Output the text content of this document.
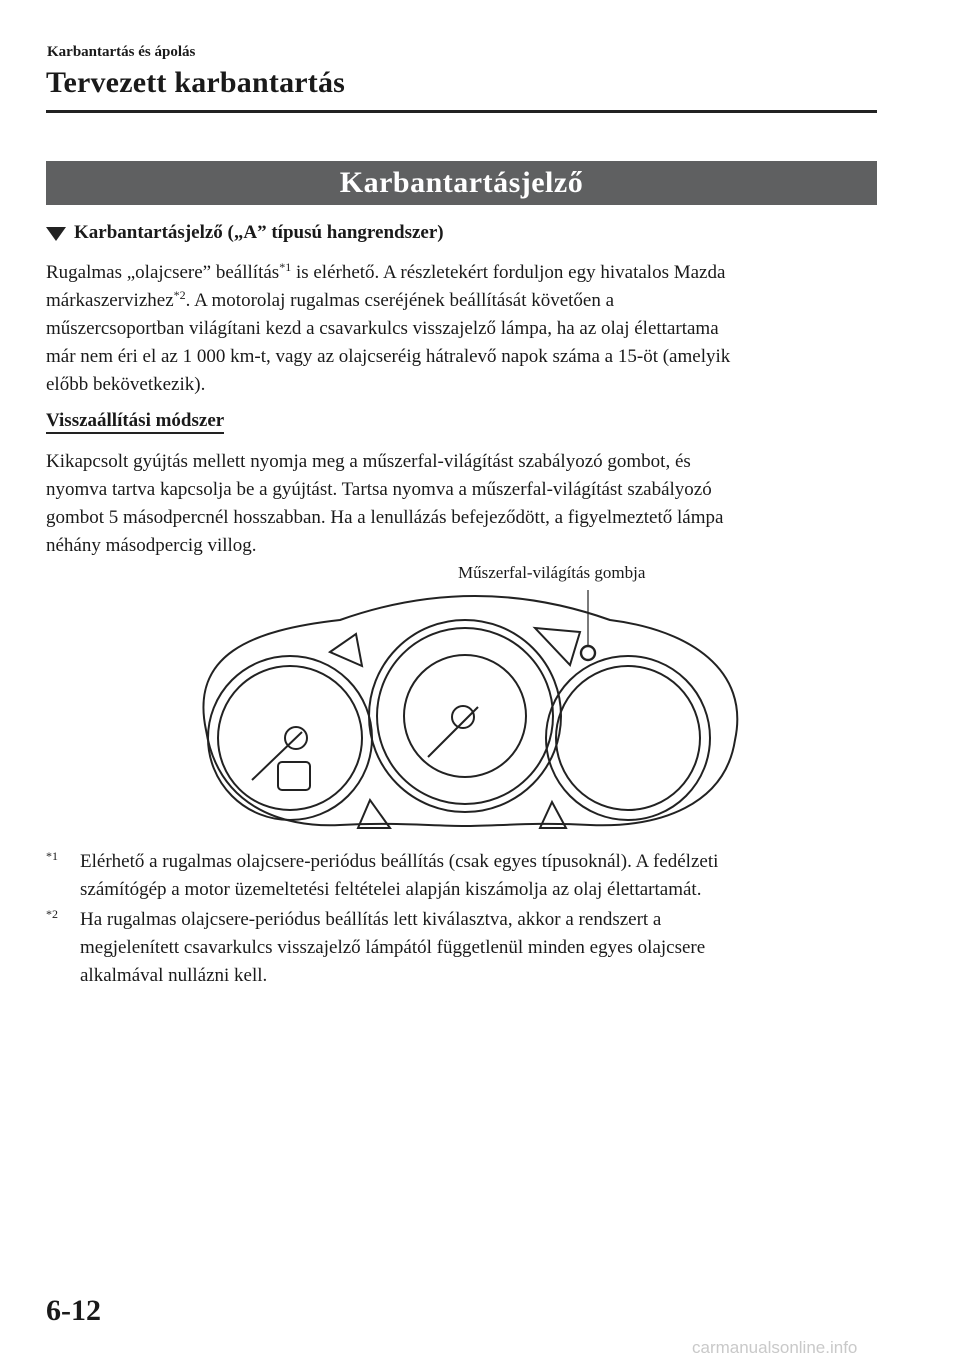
Karbantartás és ápolás
Tervezett karbantartás
Karbantartásjelző
Karbantartásjelző („A” típusú hangrendszer)

Rugalmas „olajcsere” beállítás$^{*1}$ is elérhető. A részletekért forduljon egy hivatalos Mazda

márkaszervizhez$^{*2}$. A motorolaj rugalmas cseréjének beállítását követően a

műszercsoportban világítani kezd a csavarkulcs visszajelző lámpa, ha az olaj élettartama

már nem éri el az 1 000 km-t, vagy az olajcseréig hátralevő napok száma a 15-öt (amelyik

előbb bekövetkezik).

Visszaállítási módszer

Kikapcsolt gyújtás mellett nyomja meg a műszerfal-világítást szabályozó gombot, és

nyomva tartva kapcsolja be a gyújtást. Tartsa nyomva a műszerfal-világítást szabályozó

gombot 5 másodpercnél hosszabban. Ha a lenullázás befejeződött, a figyelmeztető lámpa

néhány másodpercig villog.

Műszerfal-világítás gombja
$^{*1}$	Elérhető a rugalmas olajcsere-periódus beállítás (csak egyes típusoknál). A fedélzeti

számítógép a motor üzemeltetési feltételei alapján kiszámolja az olaj élettartamát.

$^{*2}$	Ha rugalmas olajcsere-periódus beállítás lett kiválasztva, akkor a rendszert a

megjelenített csavarkulcs visszajelző lámpától függetlenül minden egyes olajcsere

alkalmával nullázni kell.

6-12
carmanualsonline.info
